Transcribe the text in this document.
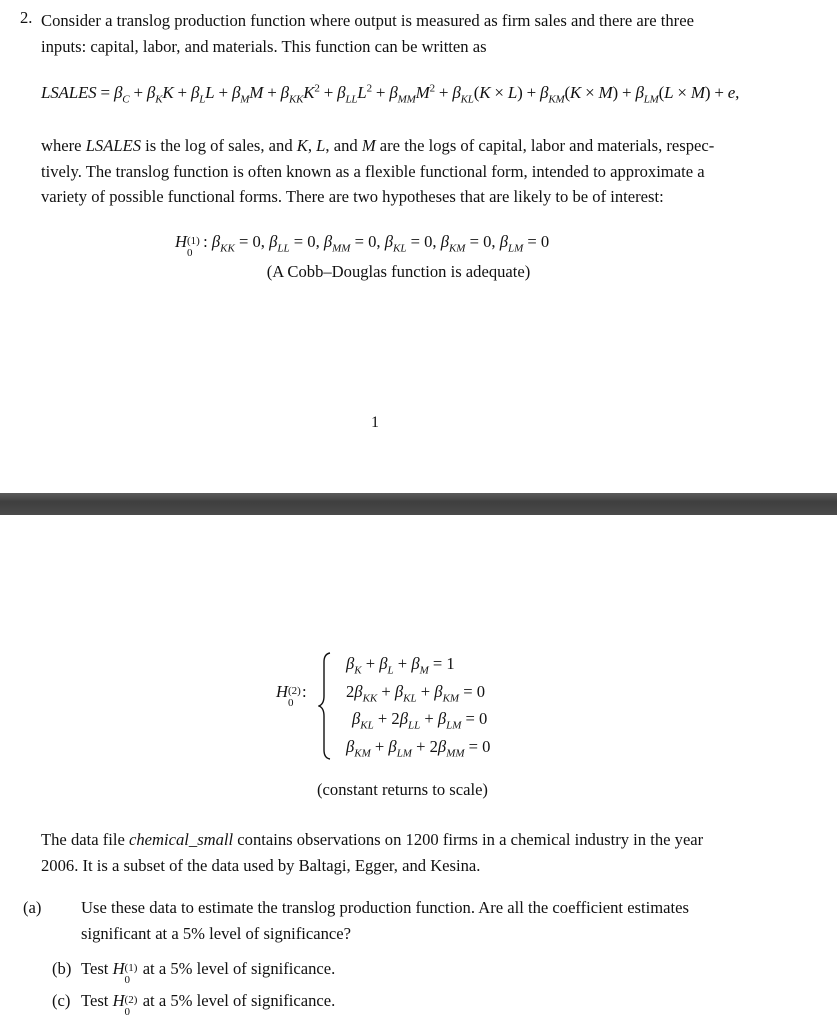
2. Consider a translog production function where output is measured as firm sales and there are three
inputs: capital, labor, and materials. This function can be written as
LSALES = $\beta_C + \beta_KK + \beta_LL + \beta_MM + \beta_{KK}K^2 + \beta_{LL}L^2 + \beta_{MM}M^2 + \beta_{KL}(K \times L) + \beta_{KM}(K \times M) + \beta_{LM}(L \times M) + e$,
where LSALES is the log of sales, and K, L, and M are the logs of capital, labor and materials, respec-
tively. The translog function is often known as a flexible functional form, intended to approximate a
variety of possible functional forms. There are two hypotheses that are likely to be of interest:
H (1)
0
: $\beta_{KK} = 0$, $\beta_{LL} = 0$, $\beta_{MM} = 0$, $\beta_{KL} = 0$, $\beta_{KM} = 0$, $\beta_{LM} = 0$
(A Cobb–Douglas function is adequate)
1
H (2) :
$\beta_K + \beta_L + \beta_M = 1$
$2\beta_{KK} + \beta_{KL} + \beta_{KM} = 0$
$\beta_{KL} + 2\beta_{LL} + \beta_{LM} = 0$
$\beta_{KM} + \beta_{LM} + 2\beta_{MM} = 0$
(constant returns to scale)
The data file chemical_small contains observations on 1200 firms in a chemical industry in the year
2006. It is a subset of the data used by Baltagi, Egger, and Kesina.
(a) Use these data to estimate the translog production function. Are all the coefficient estimates
significant at a 5% level of significance?
(b) Test H (1)
0
at a 5% level of significance.
(c) Test H (2)
0
at a 5% level of significance.
